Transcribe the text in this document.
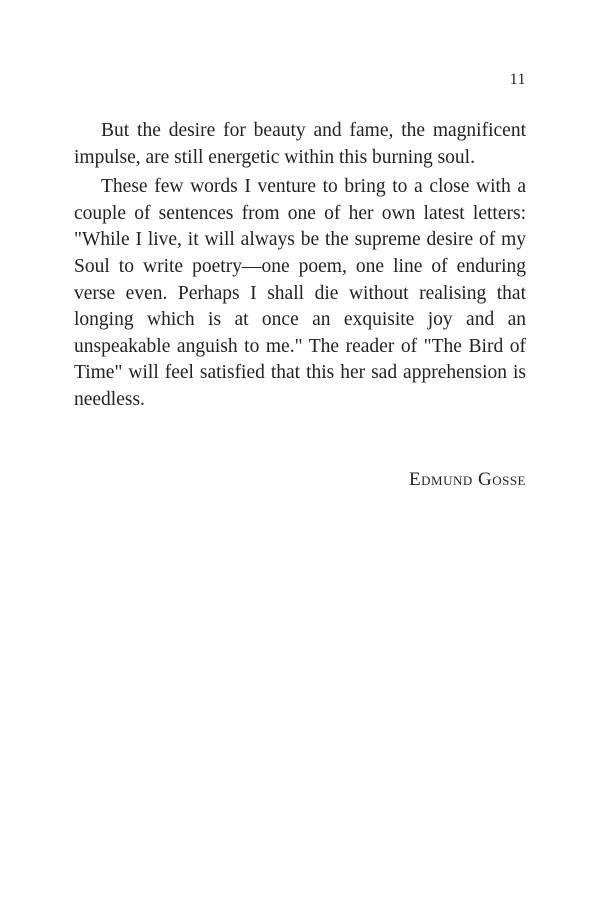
11

But the desire for beauty and fame, the magnificent impulse, are still energetic within this burning soul.

These few words I venture to bring to a close with a couple of sentences from one of her own latest letters: "While I live, it will always be the supreme desire of my Soul to write poetry—one poem, one line of enduring verse even. Perhaps I shall die without realising that longing which is at once an exquisite joy and an unspeakable anguish to me." The reader of "The Bird of Time" will feel satisfied that this her sad apprehension is needless.

Edmund Gosse
